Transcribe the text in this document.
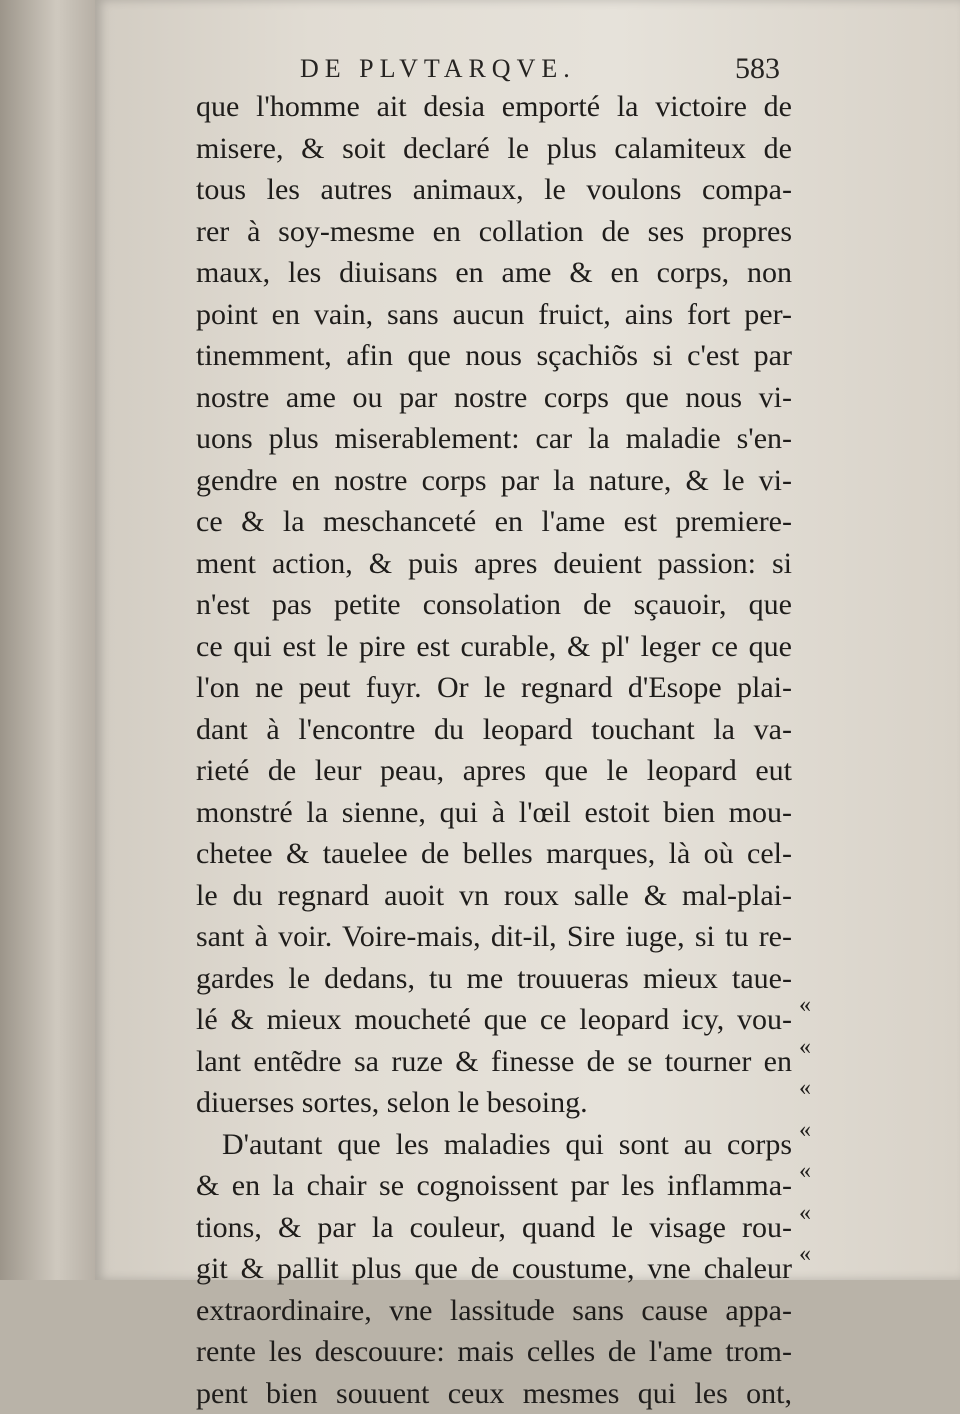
DE PLVTARQVE.	583
que l'homme ait desia emporté la victoire de
misere, & soit declaré le plus calamiteux de
tous les autres animaux, le voulons compa-
rer à soy-mesme en collation de ses propres
maux, les diuisans en ame & en corps, non
point en vain, sans aucun fruict, ains fort per-
tinemment, afin que nous sçachiõs si c'est par
nostre ame ou par nostre corps que nous vi-
uons plus miserablement: car la maladie s'en-
gendre en nostre corps par la nature, & le vi-
ce & la meschanceté en l'ame est premiere-
ment action, & puis apres deuient passion: si
n'est pas petite consolation de sçauoir, que
ce qui est le pire est curable, & pl' leger ce que
l'on ne peut fuyr. Or le regnard d'Esope plai-
dant à l'encontre du leopard touchant la va-
rieté de leur peau, apres que le leopard eut
monstré la sienne, qui à l'œil estoit bien mou-
chetee & tauelee de belles marques, là où cel-
le du regnard auoit vn roux salle & mal-plai-
sant à voir. Voire-mais, dit-il, Sire iuge, si tu re-
gardes le dedans, tu me trouueras mieux taue-
lé & mieux moucheté que ce leopard icy, vou-
lant entẽdre sa ruze & finesse de se tourner en
diuerses sortes, selon le besoing.
D'autant que les maladies qui sont au corps
& en la chair se cognoissent par les inflamma-
tions, & par la couleur, quand le visage rou-
git & pallit plus que de coustume, vne chaleur
extraordinaire, vne lassitude sans cause appa-
rente les descouure: mais celles de l'ame trom-
pent bien souuent ceux mesmes qui les ont,
«
«
«
«
«
«
«
